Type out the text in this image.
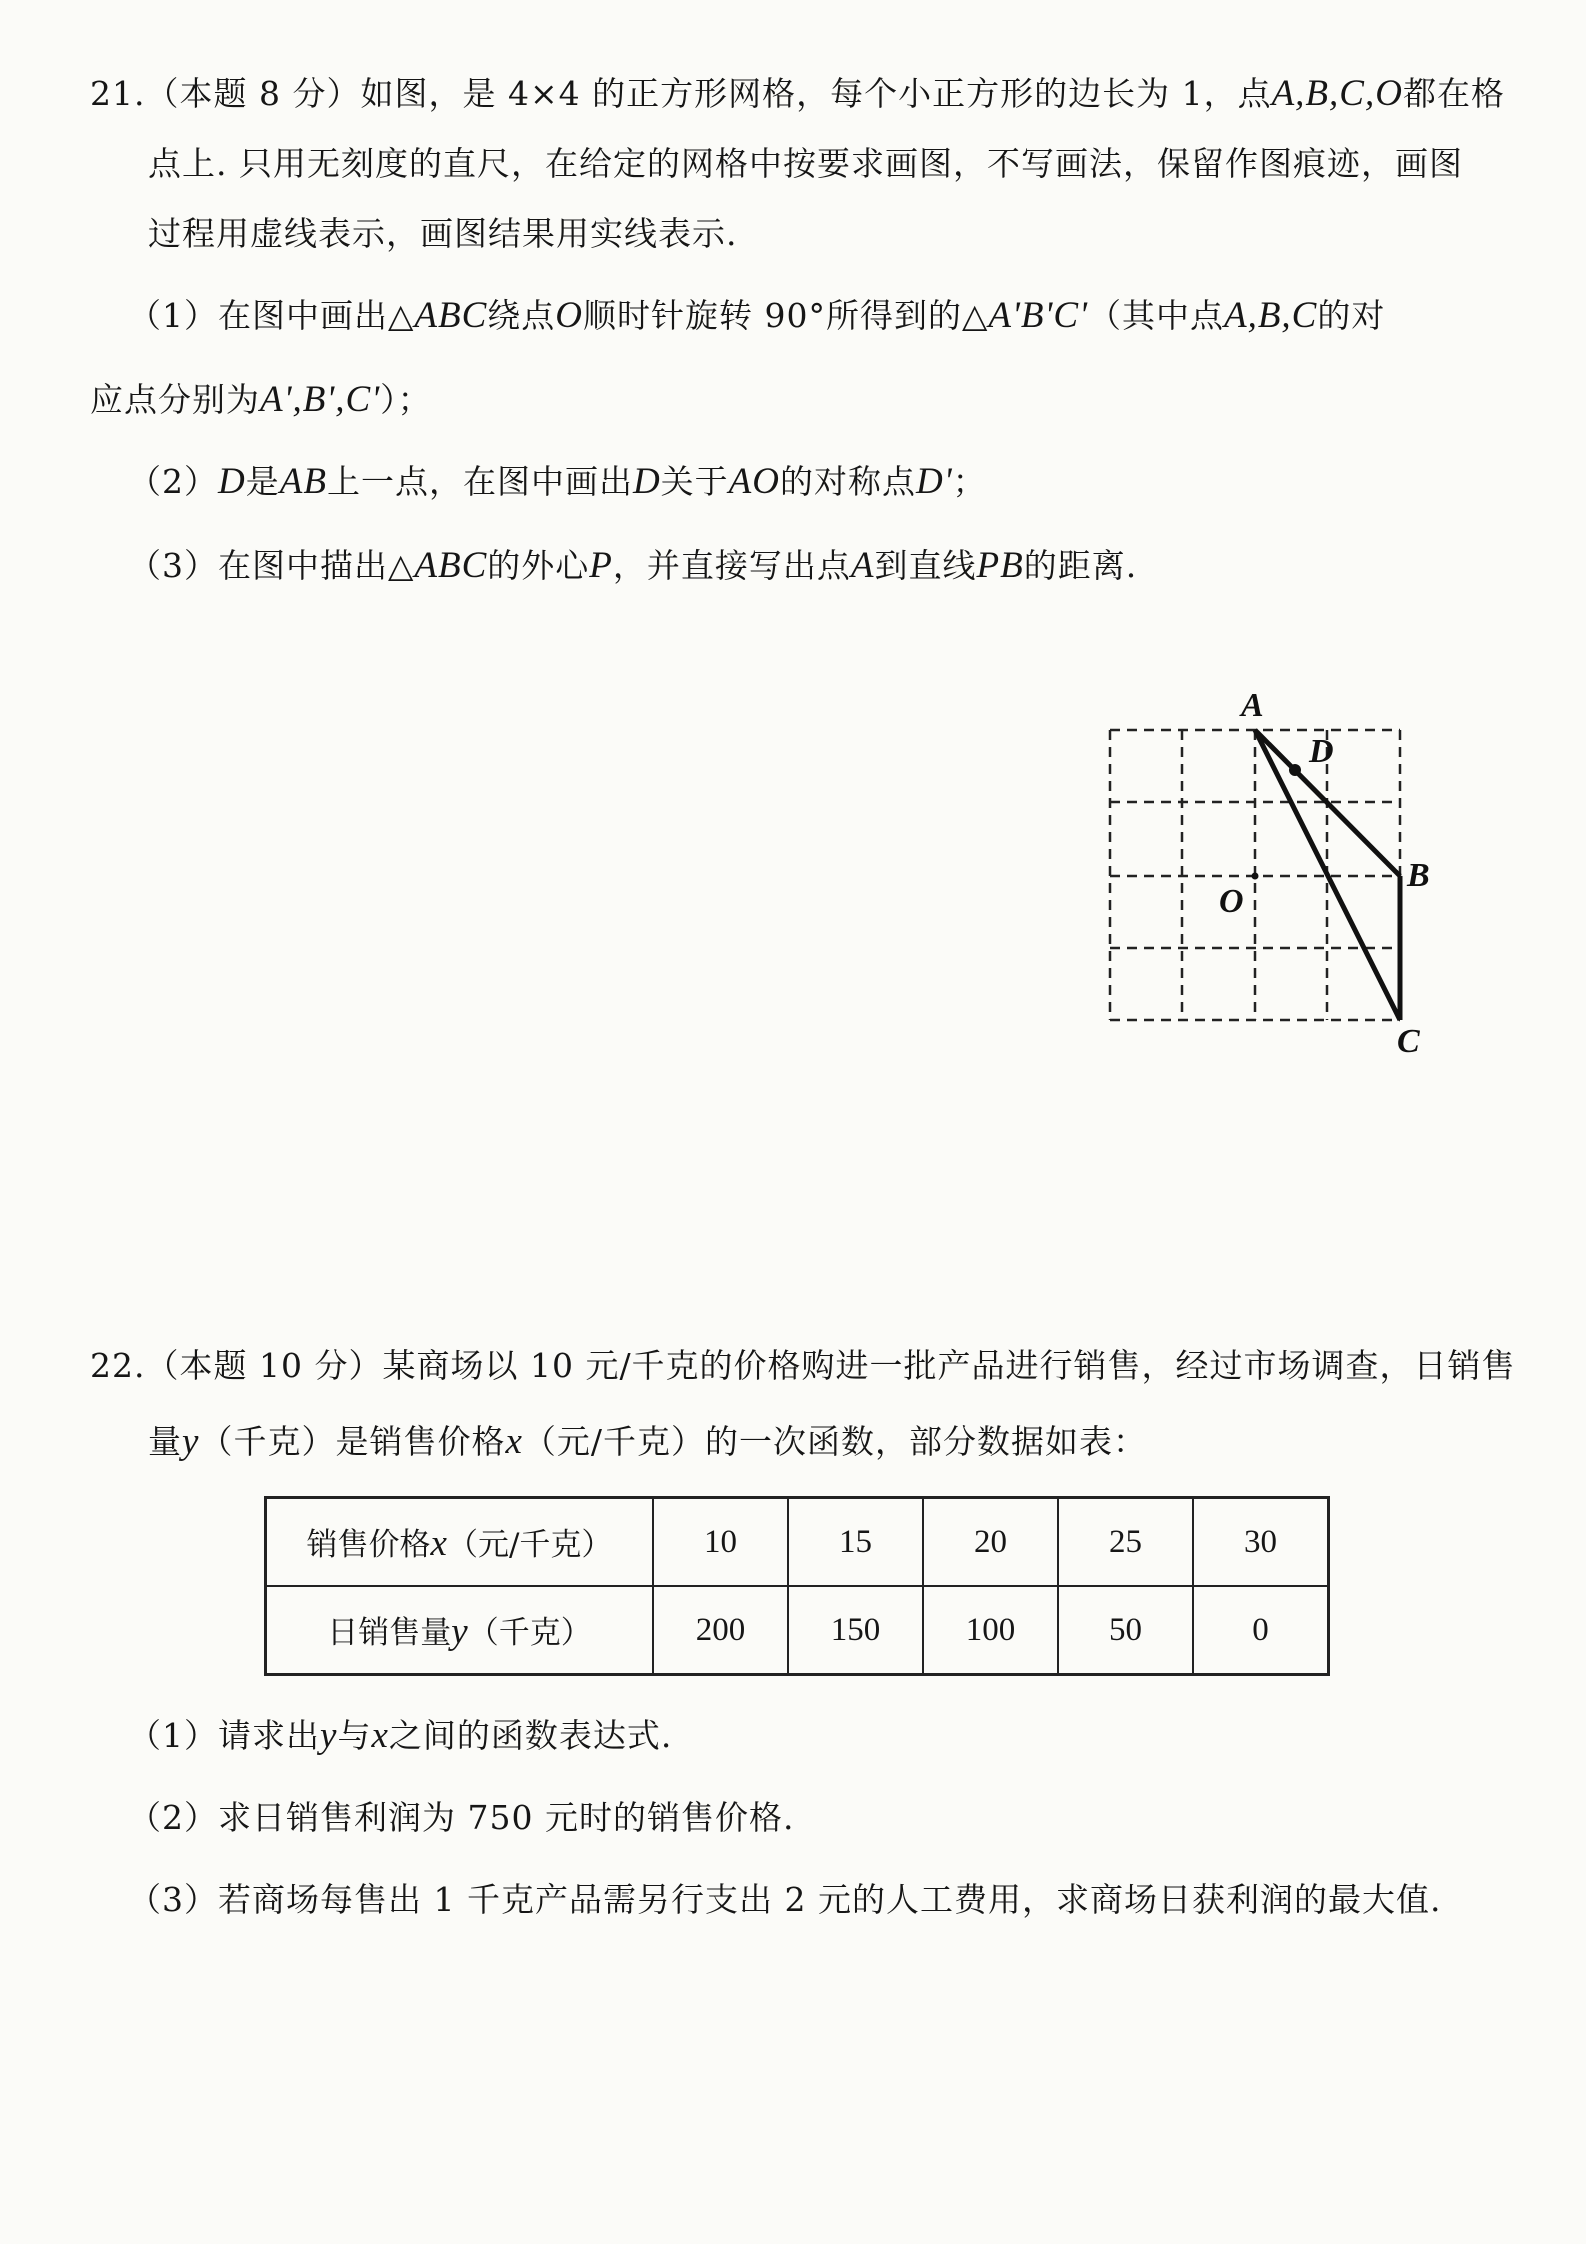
21.（本题 8 分）如图，是 4×4 的正方形网格，每个小正方形的边长为 1，点A,B,C,O都在格
点上. 只用无刻度的直尺，在给定的网格中按要求画图，不写画法，保留作图痕迹，画图
过程用虚线表示，画图结果用实线表示.
（1）在图中画出△ABC绕点O顺时针旋转 90°所得到的△A'B'C'（其中点A,B,C的对
应点分别为A',B',C'）；
（2）D是AB上一点，在图中画出D关于AO的对称点D'；
（3）在图中描出△ABC的外心P，并直接写出点A到直线PB的距离.
A
D
B
O
C
22.（本题 10 分）某商场以 10 元/千克的价格购进一批产品进行销售，经过市场调查，日销售
量y（千克）是销售价格x（元/千克）的一次函数，部分数据如表：
销售价格x（元/千克）	10	15	20	25	30
日销售量y（千克）	200	150	100	50	0
（1）请求出y与x之间的函数表达式.
（2）求日销售利润为 750 元时的销售价格.
（3）若商场每售出 1 千克产品需另行支出 2 元的人工费用，求商场日获利润的最大值.
